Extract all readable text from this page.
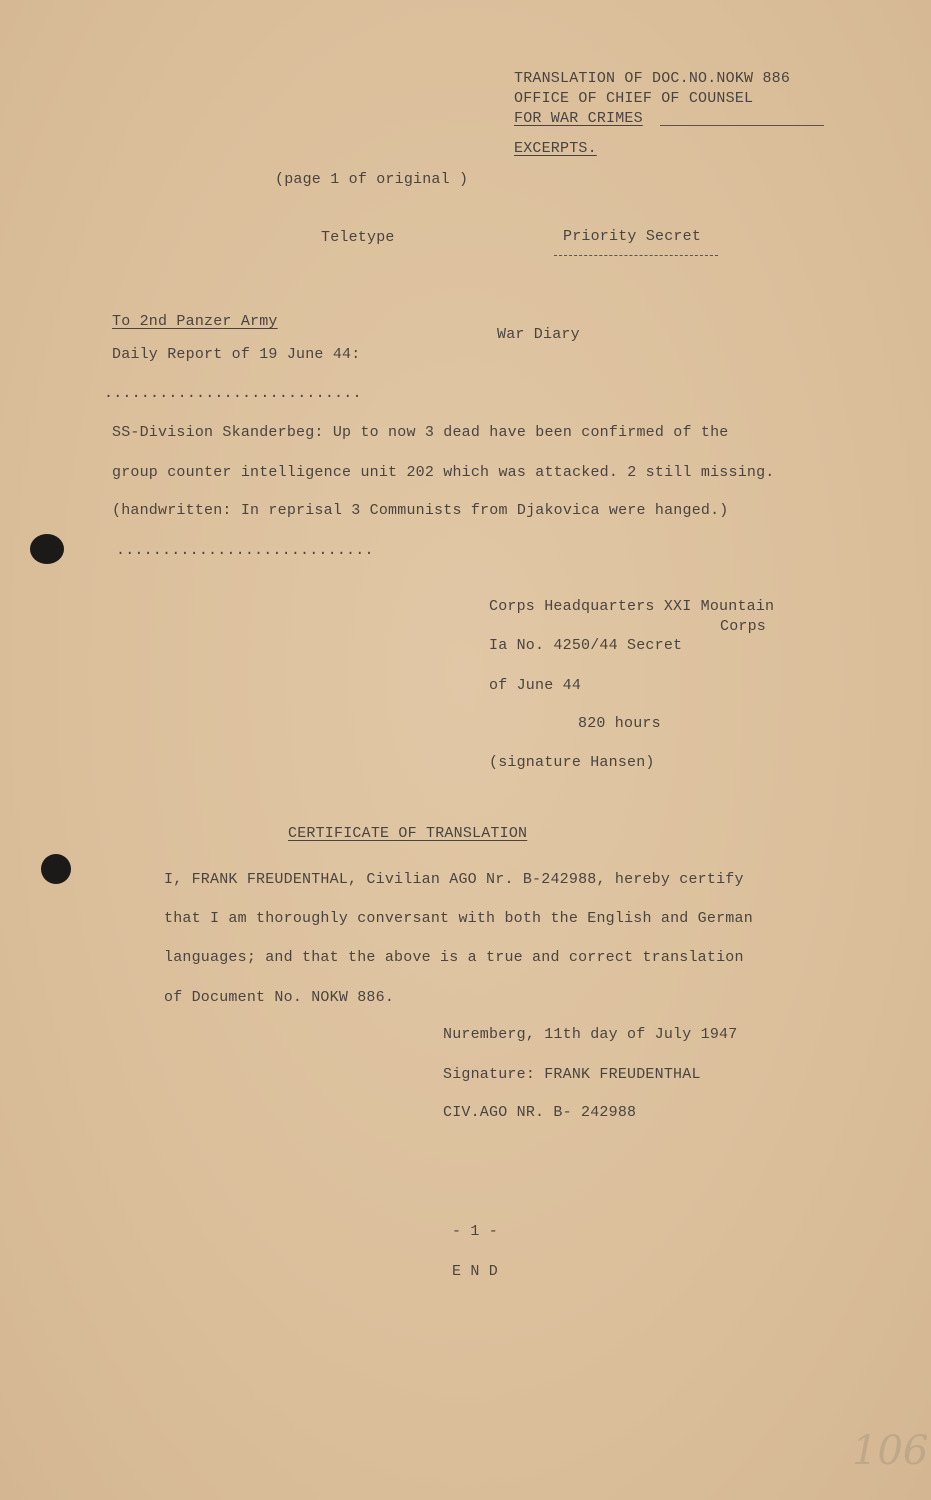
TRANSLATION OF DOC.NO.NOKW 886
OFFICE OF CHIEF OF COUNSEL
FOR WAR CRIMES
EXCERPTS.
(page 1 of original )
Teletype	Priority Secret
To 2nd Panzer Army
War Diary
Daily Report of 19 June 44:
............................
SS-Division Skanderbeg: Up to now 3 dead have been confirmed of the
group counter intelligence unit 202 which was attacked. 2 still missing.
(handwritten: In reprisal 3 Communists from Djakovica were hanged.)
............................
Corps Headquarters XXI Mountain
Corps
Ia No. 4250/44 Secret
of June 44
820 hours
(signature Hansen)
CERTIFICATE OF TRANSLATION
I, FRANK FREUDENTHAL, Civilian AGO Nr. B-242988, hereby certify
that I am thoroughly conversant with both the English and German
languages; and that the above is a true and correct translation
of Document No. NOKW 886.
Nuremberg, 11th day of July 1947
Signature: FRANK FREUDENTHAL
CIV.AGO NR. B- 242988
- 1 -
E N D
106
